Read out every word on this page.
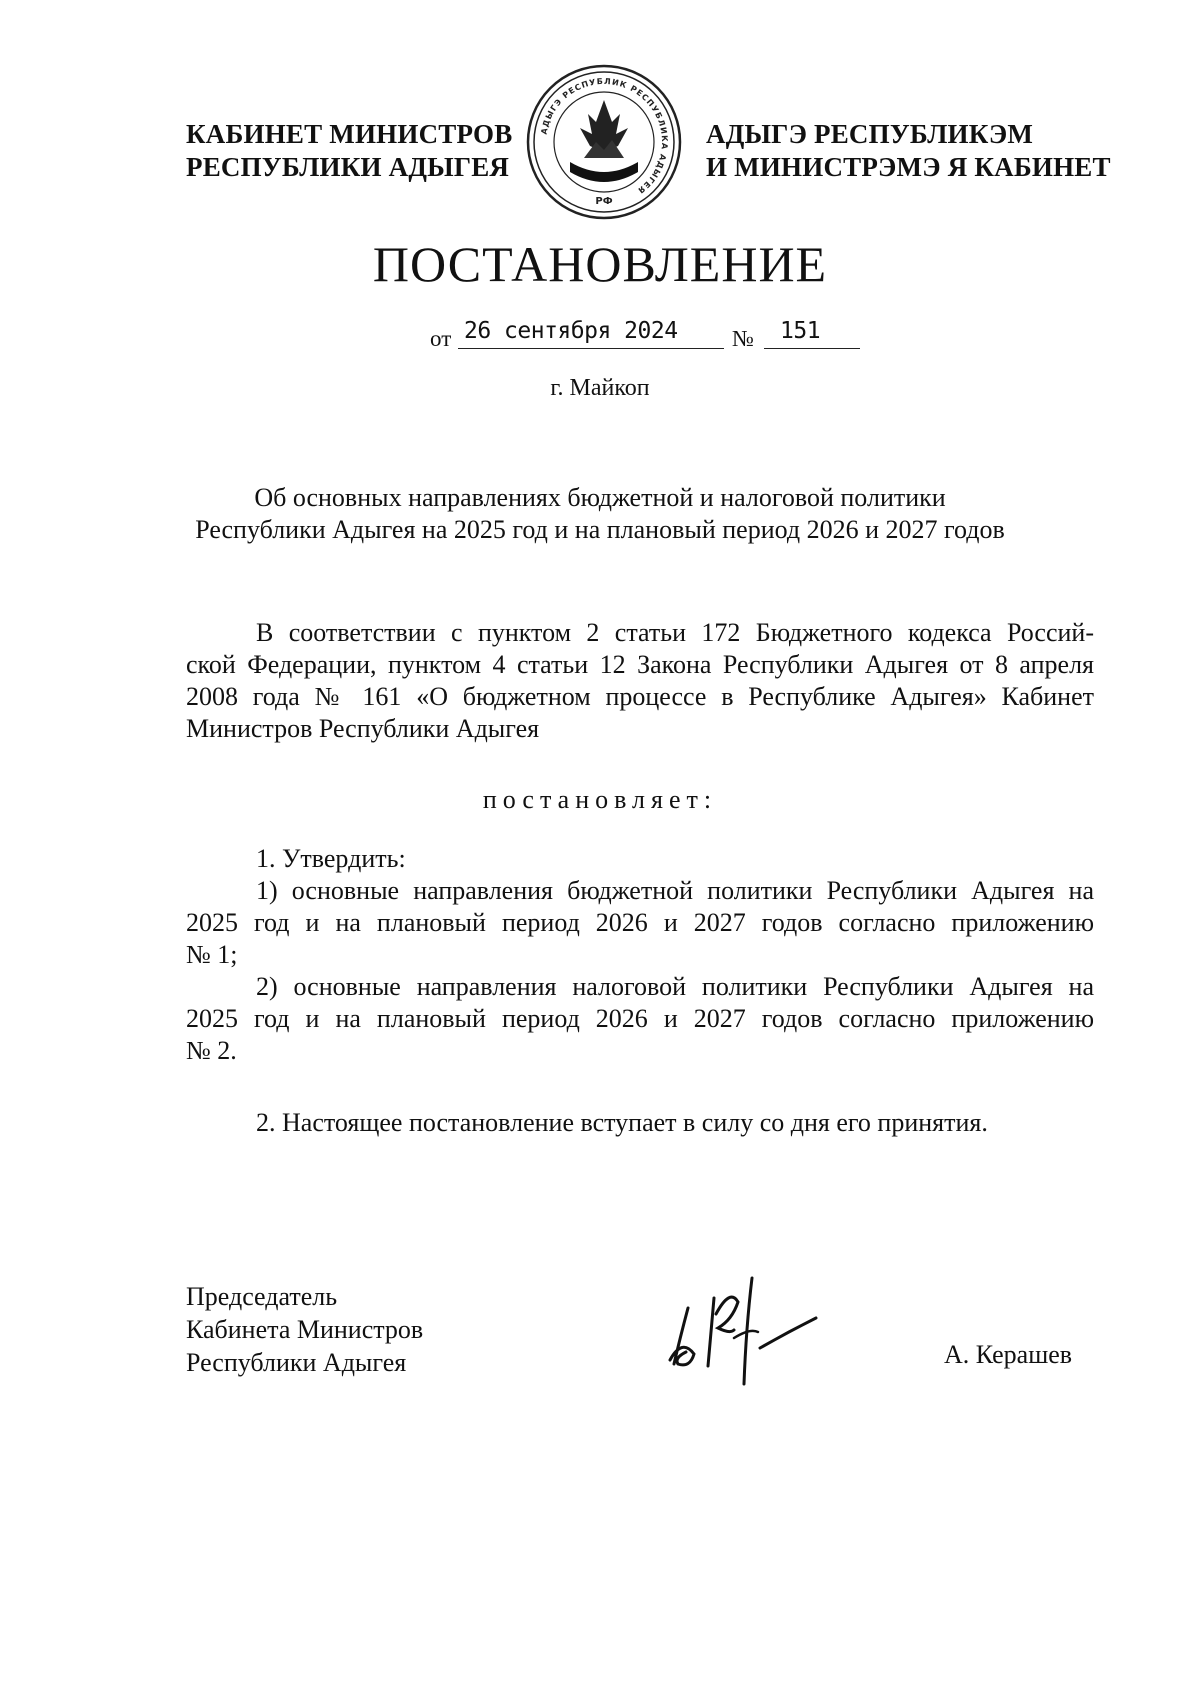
КАБИНЕТ МИНИСТРОВ
РЕСПУБЛИКИ АДЫГЕЯ
АДЫГЭ РЕСПУБЛИК РЕСПУБЛИКА АДЫГЕЯ
РФ
АДЫГЭ РЕСПУБЛИКЭМ
И МИНИСТРЭМЭ Я КАБИНЕТ
ПОСТАНОВЛЕНИЕ
от 26 сентября 2024 № 151
г. Майкоп
Об основных направлениях бюджетной и налоговой политики
Республики Адыгея на 2025 год и на плановый период 2026 и 2027 годов
В соответствии с пунктом 2 статьи 172 Бюджетного кодекса Россий-
ской Федерации, пунктом 4 статьи 12 Закона Республики Адыгея от 8 апреля
2008 года № 161 «О бюджетном процессе в Республике Адыгея» Кабинет
Министров Республики Адыгея
постановляет:
1. Утвердить:
1) основные направления бюджетной политики Республики Адыгея на
2025 год и на плановый период 2026 и 2027 годов согласно приложению
№ 1;
2) основные направления налоговой политики Республики Адыгея на
2025 год и на плановый период 2026 и 2027 годов согласно приложению
№ 2.
2. Настоящее постановление вступает в силу со дня его принятия.
Председатель
Кабинета Министров
Республики Адыгея	А. Керашев
